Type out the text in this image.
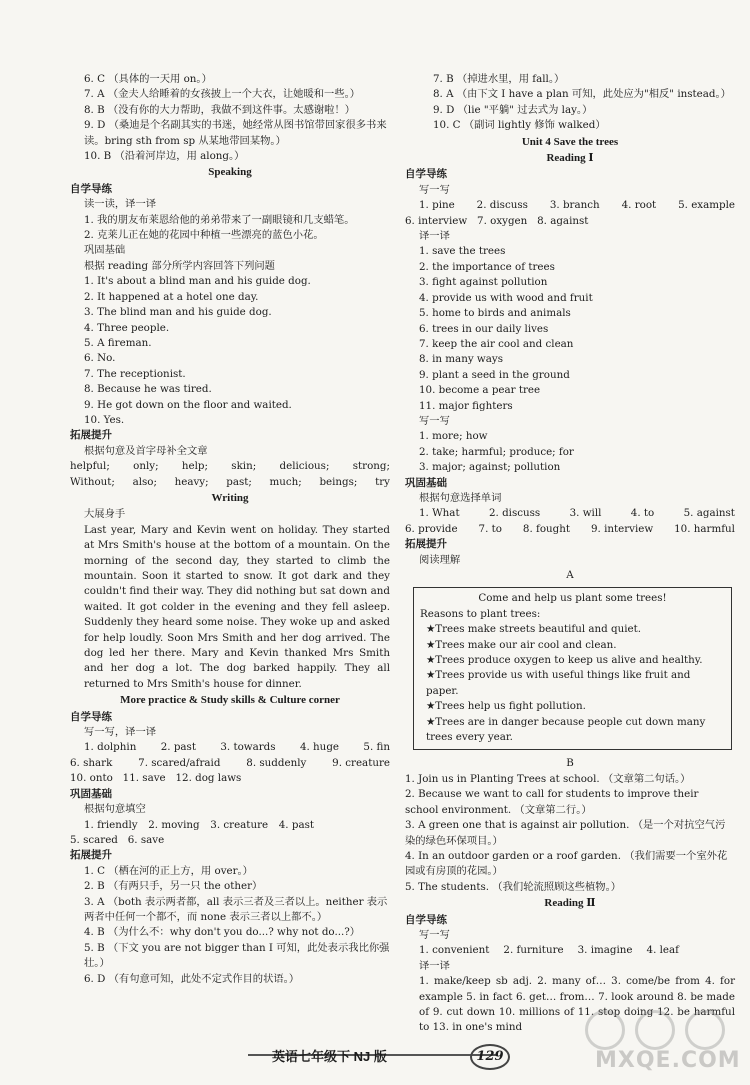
6. C （具体的一天用 on。）

7. A （金夫人给睡着的女孩披上一个大衣，让她暖和一些。）

8. B （没有你的大力帮助，我做不到这件事。太感谢啦！）

9. D （桑迪是个名副其实的书迷，她经常从图书馆带回家很多书来读。bring sth from sp 从某地带回某物。）

10. B （沿着河岸边，用 along。）

Speaking

自学导练

读一读，译一译

1. 我的朋友布莱恩给他的弟弟带来了一副眼镜和几支蜡笔。

2. 克莱儿正在她的花园中种植一些漂亮的蓝色小花。

巩固基础

根据 reading 部分所学内容回答下列问题

1. It's about a blind man and his guide dog.

2. It happened at a hotel one day.

3. The blind man and his guide dog.

4. Three people.

5. A fireman.

6. No.

7. The receptionist.

8. Because he was tired.

9. He got down on the floor and waited.

10. Yes.

拓展提升

根据句意及首字母补全文章

helpful; only; help; skin; delicious; strong;
Without; also; heavy; past; much; beings; try
Writing

大展身手

Last year, Mary and Kevin went on holiday. They started at Mrs Smith's house at the bottom of a mountain. On the morning of the second day, they started to climb the mountain. Soon it started to snow. It got dark and they couldn't find their way. They did nothing but sat down and waited. It got colder in the evening and they fell asleep. Suddenly they heard some noise. They woke up and asked for help loudly. Soon Mrs Smith and her dog arrived. The dog led her there. Mary and Kevin thanked Mrs Smith and her dog a lot. The dog barked happily. They all returned to Mrs Smith's house for dinner.

More practice & Study skills & Culture corner

自学导练

写一写，译一译

1. dolphin 2. past 3. towards 4. huge 5. fin
6. shark	7. scared/afraid	8. suddenly	9. creature
10. onto 11. save 12. dog laws

巩固基础

根据句意填空

1. friendly 2. moving 3. creature 4. past
5. scared 6. save

拓展提升

1. C （栖在河的正上方，用 over。）

2. B （有两只手，另一只 the other）

3. A （both 表示两者都，all 表示三者及三者以上。neither 表示两者中任何一个都不，而 none 表示三者以上都不。）

4. B （为什么不：why don't you do...? why not do...?）

5. B （下文 you are not bigger than I 可知，此处表示我比你强壮。）

6. D （有句意可知，此处不定式作目的状语。）

7. B （掉进水里，用 fall。）

8. A （由下文 I have a plan 可知，此处应为"相反" instead。）

9. D （lie "平躺" 过去式为 lay。）

10. C （副词 lightly 修饰 walked）

Unit 4 Save the trees
Reading Ⅰ

自学导练

写一写

1. pine 2. discuss 3. branch 4. root 5. example
6. interview 7. oxygen 8. against

译一译

1. save the trees

2. the importance of trees

3. fight against pollution

4. provide us with wood and fruit

5. home to birds and animals

6. trees in our daily lives

7. keep the air cool and clean

8. in many ways

9. plant a seed in the ground

10. become a pear tree

11. major fighters

写一写

1. more; how

2. take; harmful; produce; for

3. major; against; pollution

巩固基础

根据句意选择单词

1. What	2. discuss	3. will	4. to	5. against
6. provide 7. to 8. fought 9. interview 10. harmful

拓展提升

阅读理解

A

Come and help us plant some trees!
Reasons to plant trees:
★Trees make streets beautiful and quiet.
★Trees make our air cool and clean.
★Trees produce oxygen to keep us alive and healthy.
★Trees provide us with useful things like fruit and paper.
★Trees help us fight pollution.
★Trees are in danger because people cut down many trees every year.

B

1. Join us in Planting Trees at school. （文章第二句话。）

2. Because we want to call for students to improve their school environment. （文章第二行。）

3. A green one that is against air pollution. （是一个对抗空气污染的绿色环保项目。）

4. In an outdoor garden or a roof garden. （我们需要一个室外花园或有房顶的花园。）

5. The students. （我们轮流照顾这些植物。）

Reading Ⅱ

自学导练

写一写

1. convenient 2. furniture 3. imagine 4. leaf

译一译

1. make/keep sb adj. 2. many of… 3. come/be from 4. for example 5. in fact 6. get… from… 7. look around 8. be made of 9. cut down 10. millions of 11. stop doing 12. be harmful to 13. in one's mind

英语七年级下 NJ 版	129	MXQE.COM
